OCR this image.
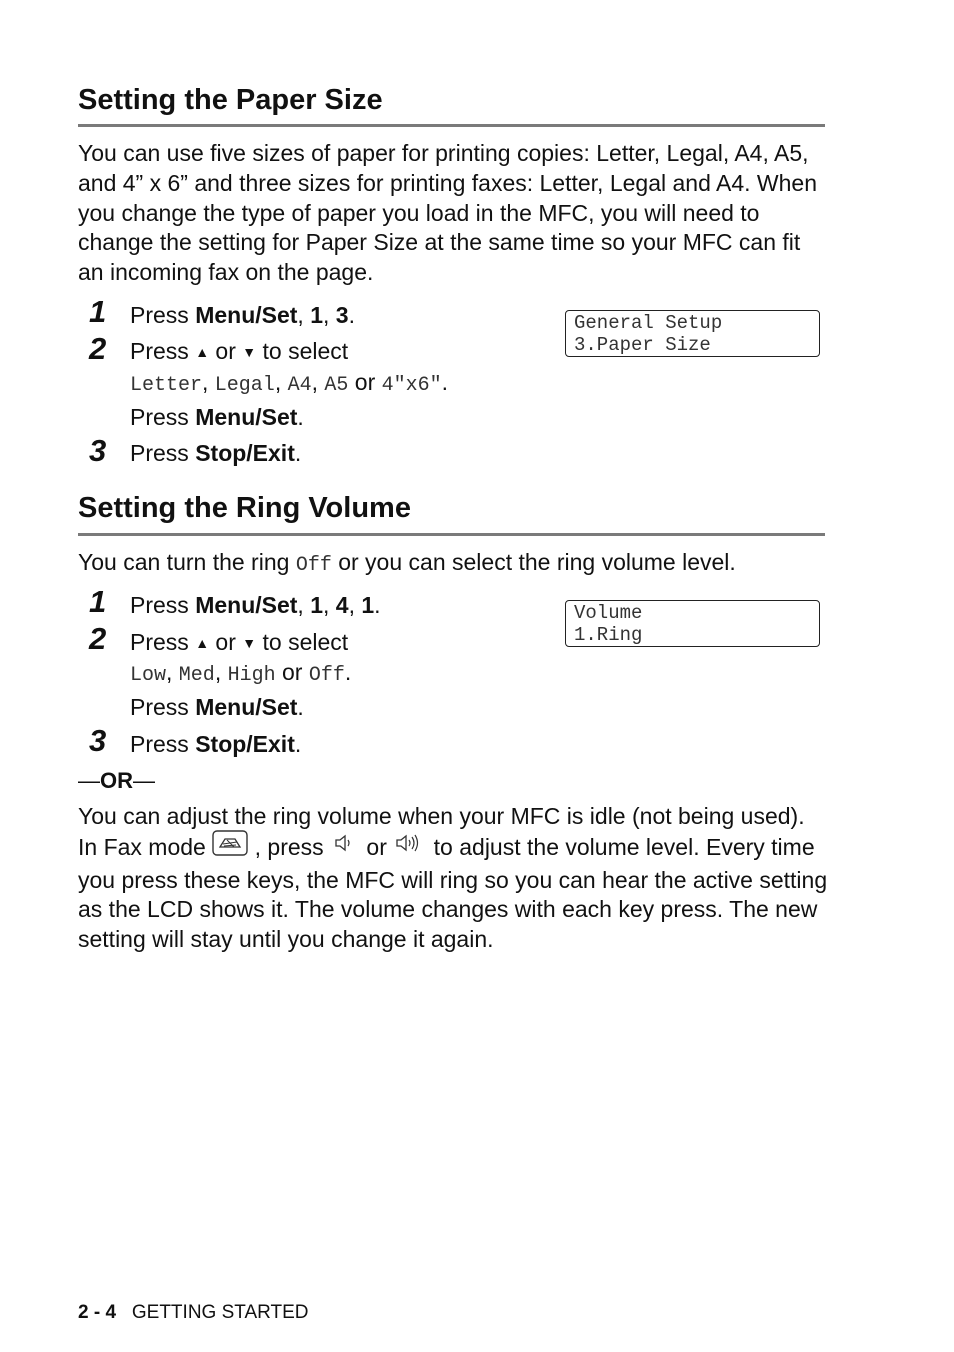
Setting the Paper Size

You can use five sizes of paper for printing copies: Letter, Legal, A4, A5, and 4” x 6” and three sizes for printing faxes: Letter, Legal and A4. When you change the type of paper you load in the MFC, you will need to change the setting for Paper Size at the same time so your MFC can fit an incoming fax on the page.

1 Press Menu/Set, 1, 3.	General Setup
3.Paper Size
2 Press ▲ or ▼ to select
Letter, Legal, A4, A5 or 4"x6".
Press Menu/Set.
3 Press Stop/Exit.
Setting the Ring Volume
You can turn the ring Off or you can select the ring volume level.
1 Press Menu/Set, 1, 4, 1.	Volume
1.Ring
2 Press ▲ or ▼ to select
Low, Med, High or Off.
Press Menu/Set.
3 Press Stop/Exit.
—OR—

You can adjust the ring volume when your MFC is idle (not being used). In Fax mode  , press  or  to adjust the volume level. Every time you press these keys, the MFC will ring so you can hear the active setting as the LCD shows it. The volume changes with each key press. The new setting will stay until you change it again.

2 - 4 GETTING STARTED
